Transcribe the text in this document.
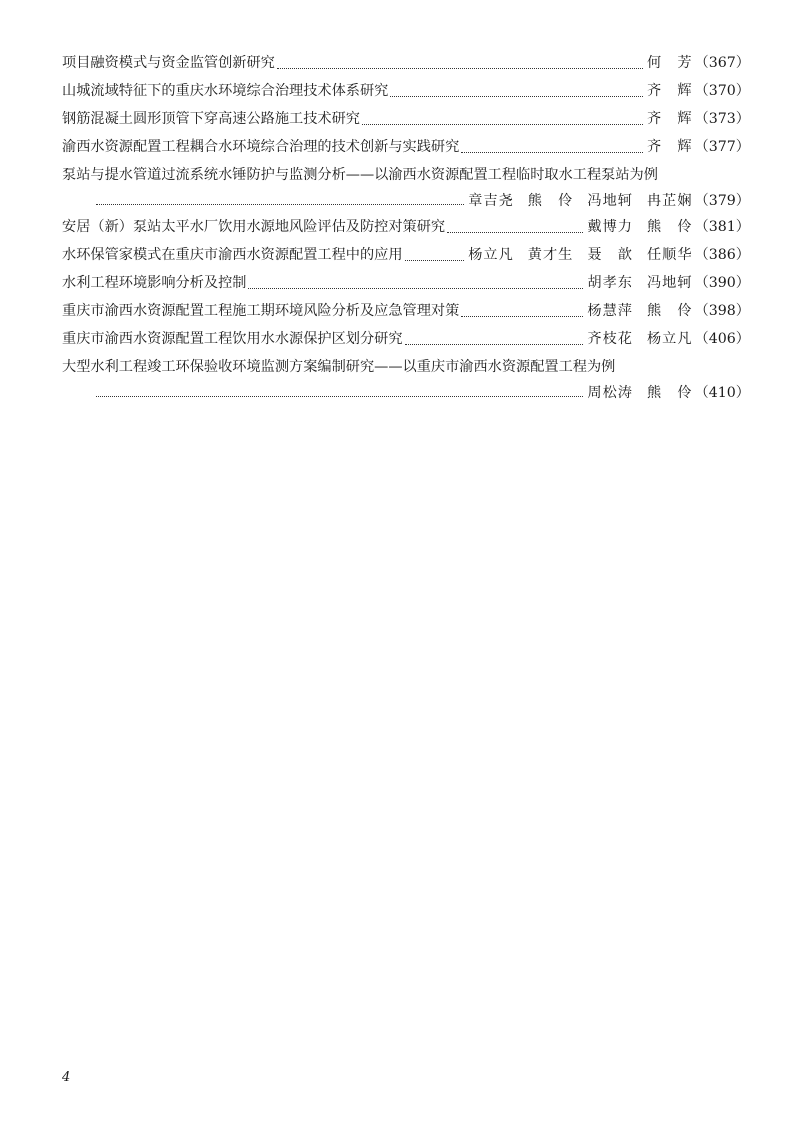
项目融资模式与资金监管创新研究	何　芳 （367）
山城流域特征下的重庆水环境综合治理技术体系研究	齐　辉 （370）
钢筋混凝土圆形顶管下穿高速公路施工技术研究	齐　辉 （373）
渝西水资源配置工程耦合水环境综合治理的技术创新与实践研究	齐　辉 （377）
泵站与提水管道过流系统水锤防护与监测分析——以渝西水资源配置工程临时取水工程泵站为例
章吉尧 熊　伶 冯地轲 冉芷娴 （379）
安居（新）泵站太平水厂饮用水源地风险评估及防控对策研究	戴博力 熊　伶 （381）
水环保管家模式在重庆市渝西水资源配置工程中的应用	杨立凡 黄才生 聂　歆 任顺华 （386）
水利工程环境影响分析及控制	胡孝东 冯地轲 （390）
重庆市渝西水资源配置工程施工期环境风险分析及应急管理对策	杨慧萍 熊　伶 （398）
重庆市渝西水资源配置工程饮用水水源保护区划分研究	齐枝花 杨立凡 （406）
大型水利工程竣工环保验收环境监测方案编制研究——以重庆市渝西水资源配置工程为例
周松涛 熊　伶 （410）
4
